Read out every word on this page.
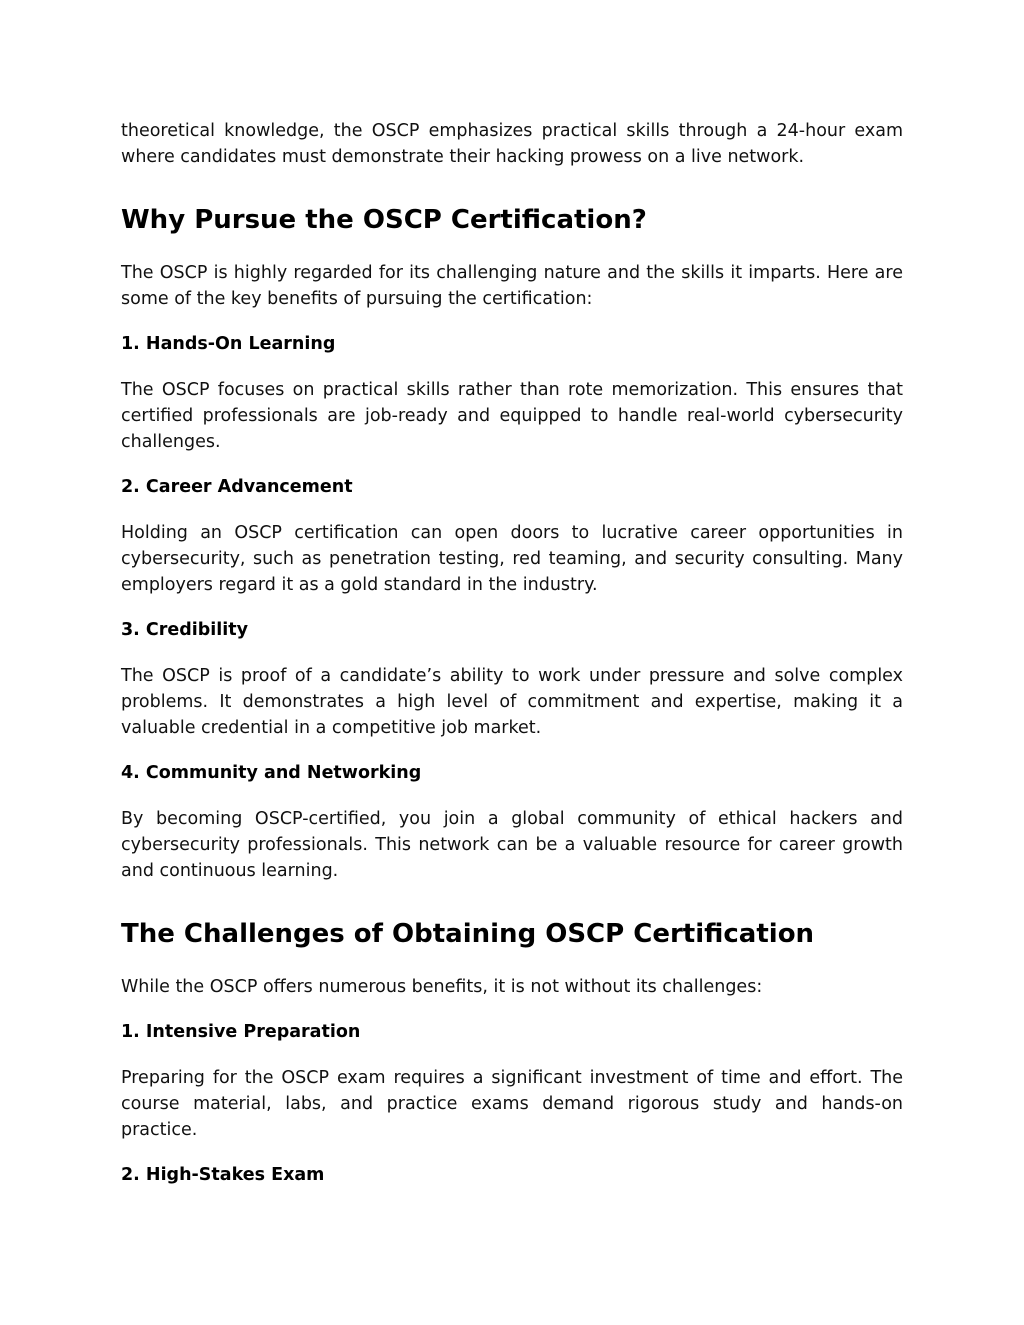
theoretical knowledge, the OSCP emphasizes practical skills through a 24-hour exam where candidates must demonstrate their hacking prowess on a live network.

Why Pursue the OSCP Certification?

The OSCP is highly regarded for its challenging nature and the skills it imparts. Here are some of the key benefits of pursuing the certification:

1. Hands-On Learning

The OSCP focuses on practical skills rather than rote memorization. This ensures that certified professionals are job-ready and equipped to handle real-world cybersecurity challenges.

2. Career Advancement

Holding an OSCP certification can open doors to lucrative career opportunities in cybersecurity, such as penetration testing, red teaming, and security consulting. Many employers regard it as a gold standard in the industry.

3. Credibility

The OSCP is proof of a candidate’s ability to work under pressure and solve complex problems. It demonstrates a high level of commitment and expertise, making it a valuable credential in a competitive job market.

4. Community and Networking

By becoming OSCP-certified, you join a global community of ethical hackers and cybersecurity professionals. This network can be a valuable resource for career growth and continuous learning.

The Challenges of Obtaining OSCP Certification

While the OSCP offers numerous benefits, it is not without its challenges:

1. Intensive Preparation

Preparing for the OSCP exam requires a significant investment of time and effort. The course material, labs, and practice exams demand rigorous study and hands-on practice.

2. High-Stakes Exam
